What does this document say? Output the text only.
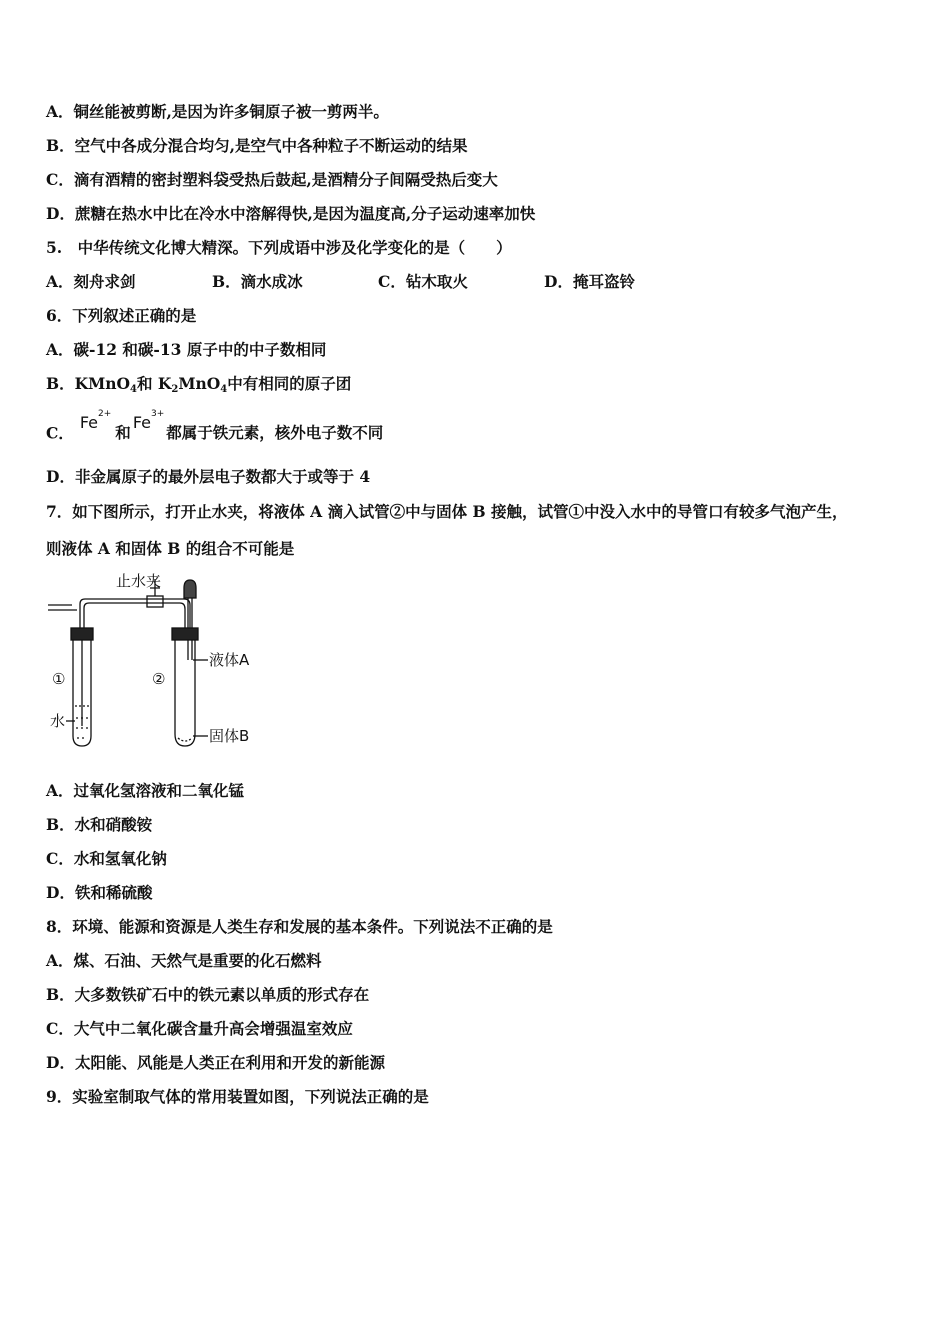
A．铜丝能被剪断,是因为许多铜原子被一剪两半。
B．空气中各成分混合均匀,是空气中各种粒子不断运动的结果
C．滴有酒精的密封塑料袋受热后鼓起,是酒精分子间隔受热后变大
D．蔗糖在热水中比在冷水中溶解得快,是因为温度高,分子运动速率加快
5.　中华传统文化博大精深。下列成语中涉及化学变化的是（　　）
A．刻舟求剑	B．滴水成冰	C．钻木取火	D．掩耳盗铃
6．下列叙述正确的是
A．碳-12 和碳-13 原子中的中子数相同
B．KMnO$_4$和 $K_2MnO_4$中有相同的原子团
C．$Fe^{2+}$和$Fe^{3+}$都属于铁元素，核外电子数不同
D．非金属原子的最外层电子数都大于或等于 4
7．如下图所示，打开止水夹，将液体 A 滴入试管②中与固体 B 接触，试管①中没入水中的导管口有较多气泡产生，
则液体 A 和固体 B 的组合不可能是
止水夹
①	②
水
液体A
固体B
A．过氧化氢溶液和二氧化锰
B．水和硝酸铵
C．水和氢氧化钠
D．铁和稀硫酸
8．环境、能源和资源是人类生存和发展的基本条件。下列说法不正确的是
A．煤、石油、天然气是重要的化石燃料
B．大多数铁矿石中的铁元素以单质的形式存在
C．大气中二氧化碳含量升高会增强温室效应
D．太阳能、风能是人类正在利用和开发的新能源
9．实验室制取气体的常用装置如图，下列说法正确的是
